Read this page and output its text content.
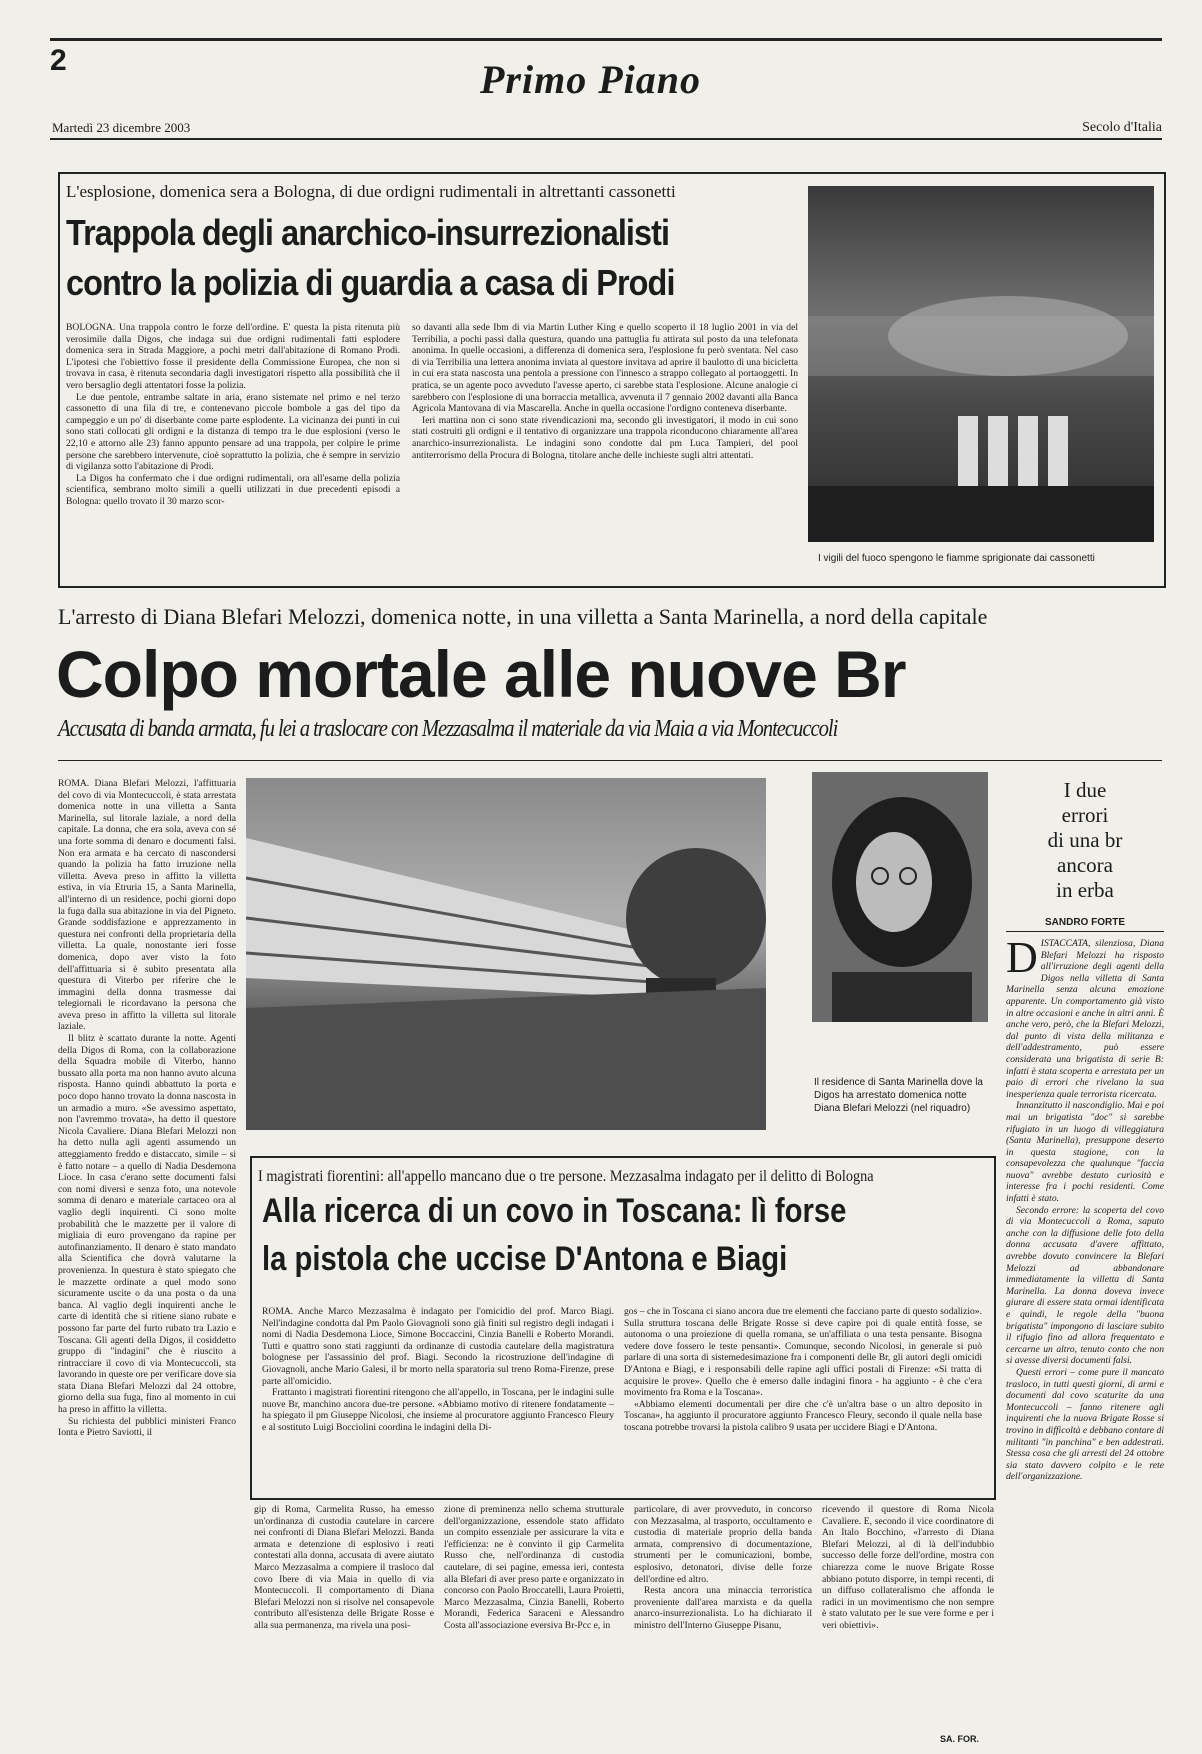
2	Primo Piano
Martedì 23 dicembre 2003	Secolo d'Italia
L'esplosione, domenica sera a Bologna, di due ordigni rudimentali in altrettanti cassonetti
Trappola degli anarchico-insurrezionalisti
contro la polizia di guardia a casa di Prodi

BOLOGNA. Una trappola contro le forze dell'ordine. E' questa la pista ritenuta più verosimile dalla Digos, che indaga sui due ordigni rudimentali fatti esplodere domenica sera in Strada Maggiore, a pochi metri dall'abitazione di Romano Prodi. L'ipotesi che l'obiettivo fosse il presidente della Commissione Europea, che non si trovava in casa, è ritenuta secondaria dagli investigatori rispetto alla possibilità che il vero bersaglio degli attentatori fosse la polizia.

Le due pentole, entrambe saltate in aria, erano sistemate nel primo e nel terzo cassonetto di una fila di tre, e contenevano piccole bombole a gas del tipo da campeggio e un po' di diserbante come parte esplodente. La vicinanza dei punti in cui sono stati collocati gli ordigni e la distanza di tempo tra le due esplosioni (verso le 22,10 e attorno alle 23) fanno appunto pensare ad una trappola, per colpire le prime persone che sarebbero intervenute, cioè soprattutto la polizia, che è sempre in servizio di vigilanza sotto l'abitazione di Prodi.

La Digos ha confermato che i due ordigni rudimentali, ora all'esame della polizia scientifica, sembrano molto simili a quelli utilizzati in due precedenti episodi a Bologna: quello trovato il 30 marzo scor-

so davanti alla sede Ibm di via Martin Luther King e quello scoperto il 18 luglio 2001 in via del Terribilia, a pochi passi dalla questura, quando una pattuglia fu attirata sul posto da una telefonata anonima. In quelle occasioni, a differenza di domenica sera, l'esplosione fu però sventata. Nel caso di via Terribilia una lettera anonima inviata al questore invitava ad aprire il baulotto di una bicicletta in cui era stata nascosta una pentola a pressione con l'innesco a strappo collegato al portaoggetti. In pratica, se un agente poco avveduto l'avesse aperto, ci sarebbe stata l'esplosione. Alcune analogie ci sarebbero con l'esplosione di una borraccia metallica, avvenuta il 7 gennaio 2002 davanti alla Banca Agricola Mantovana di via Mascarella. Anche in quella occasione l'ordigno conteneva diserbante.

Ieri mattina non ci sono state rivendicazioni ma, secondo gli investigatori, il modo in cui sono stati costruiti gli ordigni e il tentativo di organizzare una trappola riconducono chiaramente all'area anarchico-insurrezionalista. Le indagini sono condotte dal pm Luca Tampieri, del pool antiterrorismo della Procura di Bologna, titolare anche delle inchieste sugli altri attentati.

I vigili del fuoco spengono le fiamme sprigionate dai cassonetti
L'arresto di Diana Blefari Melozzi, domenica notte, in una villetta a Santa Marinella, a nord della capitale
Colpo mortale alle nuove Br
Accusata di banda armata, fu lei a traslocare con Mezzasalma il materiale da via Maia a via Montecuccoli

ROMA. Diana Blefari Melozzi, l'affittuaria del covo di via Montecuccoli, è stata arrestata domenica notte in una villetta a Santa Marinella, sul litorale laziale, a nord della capitale. La donna, che era sola, aveva con sé una forte somma di denaro e documenti falsi. Non era armata e ha cercato di nascondersi quando la polizia ha fatto irruzione nella villetta. Aveva preso in affitto la villetta estiva, in via Etruria 15, a Santa Marinella, all'interno di un residence, pochi giorni dopo la fuga dalla sua abitazione in via del Pigneto. Grande soddisfazione e apprezzamento in questura nei confronti della proprietaria della villetta. La quale, nonostante ieri fosse domenica, dopo aver visto la foto dell'affittuaria si è subito presentata alla questura di Viterbo per riferire che le immagini della donna trasmesse dai telegiornali le ricordavano la persona che aveva preso in affitto la villetta sul litorale laziale.

Il blitz è scattato durante la notte. Agenti della Digos di Roma, con la collaborazione della Squadra mobile di Viterbo, hanno bussato alla porta ma non hanno avuto alcuna risposta. Hanno quindi abbattuto la porta e poco dopo hanno trovato la donna nascosta in un armadio a muro. «Se avessimo aspettato, non l'avremmo trovata», ha detto il questore Nicola Cavaliere. Diana Blefari Melozzi non ha detto nulla agli agenti assumendo un atteggiamento freddo e distaccato, simile – si è fatto notare – a quello di Nadia Desdemona Lioce. In casa c'erano sette documenti falsi con nomi diversi e senza foto, una notevole somma di denaro e materiale cartaceo ora al vaglio degli inquirenti. Ci sono molte probabilità che le mazzette per il valore di migliaia di euro provengano da rapine per autofinanziamento. Il denaro è stato mandato alla Scientifica che dovrà valutarne la provenienza. In questura è stato spiegato che le mazzette ordinate a quel modo sono sicuramente uscite o da una posta o da una banca. Al vaglio degli inquirenti anche le carte di identità che si ritiene siano rubate e possono far parte del furto rubato tra Lazio e Toscana. Gli agenti della Digos, il cosiddetto gruppo di "indagini" che è riuscito a rintracciare il covo di via Montecuccoli, sta lavorando in queste ore per verificare dove sia stata Diana Blefari Melozzi dal 24 ottobre, giorno della sua fuga, fino al momento in cui ha preso in affitto la villetta.

Su richiesta del pubblici ministeri Franco Ionta e Pietro Saviotti, il

Il residence di Santa Marinella dove la Digos ha arrestato domenica notte Diana Blefari Melozzi (nel riquadro)
I due
errori
di una br
ancora
in erba
SANDRO FORTE
D ISTACCATA, silenziosa, Diana Blefari Melozzi ha risposto all'irruzione degli agenti della Digos nella villetta di Santa Marinella senza alcuna emozione apparente. Un comportamento già visto in altre occasioni e anche in altri anni. È anche vero, però, che la Blefari Melozzi, dal punto di vista della militanza e dell'addestramento, può essere considerata una brigatista di serie B: infatti è stata scoperta e arrestata per un paio di errori che rivelano la sua inesperienza quale terrorista ricercata.

Innanzitutto il nascondiglio. Mai e poi mai un brigatista "doc" si sarebbe rifugiato in un luogo di villeggiatura (Santa Marinella), presuppone deserto in questa stagione, con la consapevolezza che qualunque "faccia nuova" avrebbe destato curiosità e interesse fra i pochi residenti. Come infatti è stato.

Secondo errore: la scoperta del covo di via Montecuccoli a Roma, saputo anche con la diffusione delle foto della donna accusata d'avere affittato, avrebbe dovuto convincere la Blefari Melozzi ad abbandonare immediatamente la villetta di Santa Marinella. La donna doveva invece giurare di essere stata ormai identificata e quindi, le regole della "buona brigatista" impongono di lasciare subito il rifugio fino ad allora frequentato e cercarne un altro, tenuto conto che non si avesse diversi documenti falsi.

Questi errori – come pure il mancato trasloco, in tutti questi giorni, di armi e documenti dal covo scaturite da una Montecuccoli – fanno ritenere agli inquirenti che la nuova Brigate Rosse si trovino in difficoltà e debbano contare di militanti "in panchina" e ben addestrati. Stessa cosa che gli arresti del 24 ottobre sia stato davvero colpito e le rete dell'organizzazione.

I magistrati fiorentini: all'appello mancano due o tre persone. Mezzasalma indagato per il delitto di Bologna
Alla ricerca di un covo in Toscana: lì forse
la pistola che uccise D'Antona e Biagi

ROMA. Anche Marco Mezzasalma è indagato per l'omicidio del prof. Marco Biagi. Nell'indagine condotta dal Pm Paolo Giovagnoli sono già finiti sul registro degli indagati i nomi di Nadia Desdemona Lioce, Simone Boccaccini, Cinzia Banelli e Roberto Morandi. Tutti e quattro sono stati raggiunti da ordinanze di custodia cautelare della magistratura bolognese per l'assassinio del prof. Biagi. Secondo la ricostruzione dell'indagine di Giovagnoli, anche Mario Galesi, il br morto nella sparatoria sul treno Roma-Firenze, prese parte all'omicidio.

Frattanto i magistrati fiorentini ritengono che all'appello, in Toscana, per le indagini sulle nuove Br, manchino ancora due-tre persone. «Abbiamo motivo di ritenere fondatamente – ha spiegato il pm Giuseppe Nicolosi, che insieme al procuratore aggiunto Francesco Fleury e al sostituto Luigi Bocciolini coordina le indagini della Di-

gos – che in Toscana ci siano ancora due tre elementi che facciano parte di questo sodalizio». Sulla struttura toscana delle Brigate Rosse si deve capire poi di quale entità fosse, se autonoma o una proiezione di quella romana, se un'affiliata o una testa pensante. Bisogna vedere dove fossero le teste pensanti». Comunque, secondo Nicolosi, in generale si può parlare di una sorta di sistemedesimazione fra i componenti delle Br, gli autori degli omicidi D'Antona e Biagi, e i responsabili delle rapine agli uffici postali di Firenze: «Si tratta di acquisire le prove». Quello che è emerso dalle indagini finora - ha aggiunto - è che c'era movimento fra Roma e la Toscana».

«Abbiamo elementi documentali per dire che c'è un'altra base o un altro deposito in Toscana», ha aggiunto il procuratore aggiunto Francesco Fleury, secondo il quale nella base toscana potrebbe trovarsi la pistola calibro 9 usata per uccidere Biagi e D'Antona.

gip di Roma, Carmelita Russo, ha emesso un'ordinanza di custodia cautelare in carcere nei confronti di Diana Blefari Melozzi. Banda armata e detenzione di esplosivo i reati contestati alla donna, accusata di avere aiutato Marco Mezzasalma a compiere il trasloco dal covo Ibere di via Maia in quello di via Montecuccoli. Il comportamento di Diana Blefari Melozzi non si risolve nel consapevole contributo all'esistenza delle Brigate Rosse e alla sua permanenza, ma rivela una posi-

zione di preminenza nello schema strutturale dell'organizzazione, essendole stato affidato un compito essenziale per assicurare la vita e l'efficienza: ne è convinto il gip Carmelita Russo che, nell'ordinanza di custodia cautelare, di sei pagine, emessa ieri, contesta alla Blefari di aver preso parte e organizzato in concorso con Paolo Broccatelli, Laura Proietti, Marco Mezzasalma, Cinzia Banelli, Roberto Morandi, Federica Saraceni e Alessandro Costa all'associazione eversiva Br-Pcc e, in

particolare, di aver provveduto, in concorso con Mezzasalma, al trasporto, occultamento e custodia di materiale proprio della banda armata, comprensivo di documentazione, strumenti per le comunicazioni, bombe, esplosivo, detonatori, divise delle forze dell'ordine ed altro.

Resta ancora una minaccia terroristica proveniente dall'area marxista e da quella anarco-insurrezionalista. Lo ha dichiarato il ministro dell'Interno Giuseppe Pisanu,

ricevendo il questore di Roma Nicola Cavaliere. E, secondo il vice coordinatore di An Italo Bocchino, «l'arresto di Diana Blefari Melozzi, al di là dell'indubbio successo delle forze dell'ordine, mostra con chiarezza come le nuove Brigate Rosse abbiano potuto disporre, in tempi recenti, di un diffuso collateralismo che affonda le radici in un movimentismo che non sempre è stato valutato per le sue vere forme e per i veri obiettivi».

SA. FOR.
